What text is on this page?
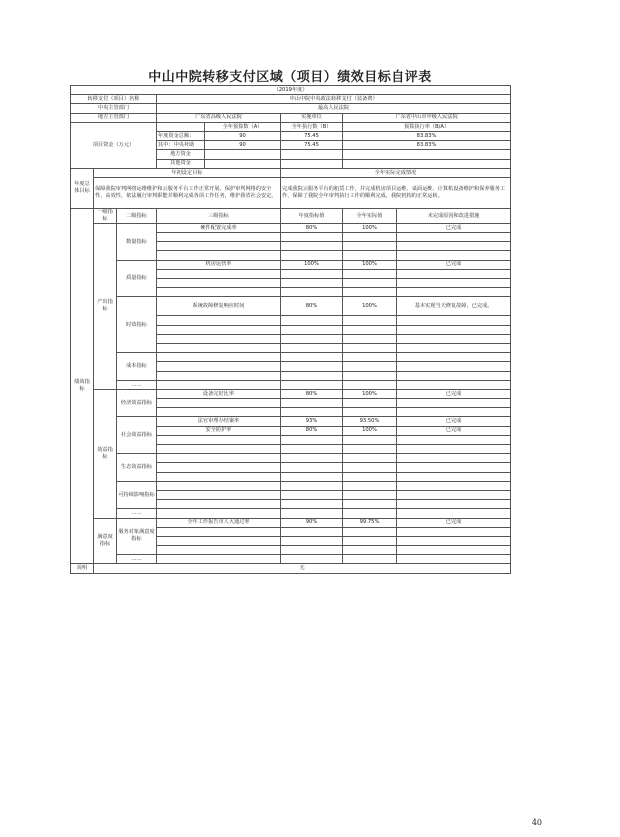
中山中院转移支付区域（项目）绩效目标自评表
（2019年度）							
转移支付（项目）名称			中山中院中央政法转移支付（装备费）				
中央主管部门			最高人民法院				
地方主管部门			广东省高级人民法院		实施单位	广东省中山市中级人民法院	
项目资金（万元）				全年预算数（A）	全年执行数（B）	预算执行率（B/A）	
			年度资金总额：	90	75.45	83.83%	
			其中：中央补助	90	75.45	83.83%	
			地方资金				
			其他资金				
年度总体目标	年初设定目标				全年实际完成情况		
	保障我院审判网络运维维护和云服务平台工作正常开展，保护审判网络的安全性、高效性，依法履行审判职能并顺利完成各项工作任务，维护我省社会安定。				完成我院云服务平台的租赁工作，并完成机房项目运维、桌面运维、计算机设备维护和保养服务工作，保障了我院全年审判执行工作的顺利完成，我院机构的正常运转。		
绩效指标	一级指标	二级指标	三级指标		年度指标值	全年实际值	未完成原因和改进措施
	产出指标	数量指标	硬件配置完成率		80%	100%	已完成

		质量指标	机房运营率		100%	100%	已完成

		时效指标	系统故障修复响应时间		80%	100%	基本实现当天修复故障，已完成。

		成本指标					

		……					
	效益指标	经济效益指标	设备完好比率		80%	100%	已完成

		社会效益指标	法官审理办结案率		93%	93.50%	已完成
			安全防护率		80%	100%	已完成

		生态效益指标					

		可持续影响指标					

		……					
	满意度指标	服务对象满意度指标	全年工作报告市人大通过率		90%	99.75%	已完成

		……					
说明	无						
40
